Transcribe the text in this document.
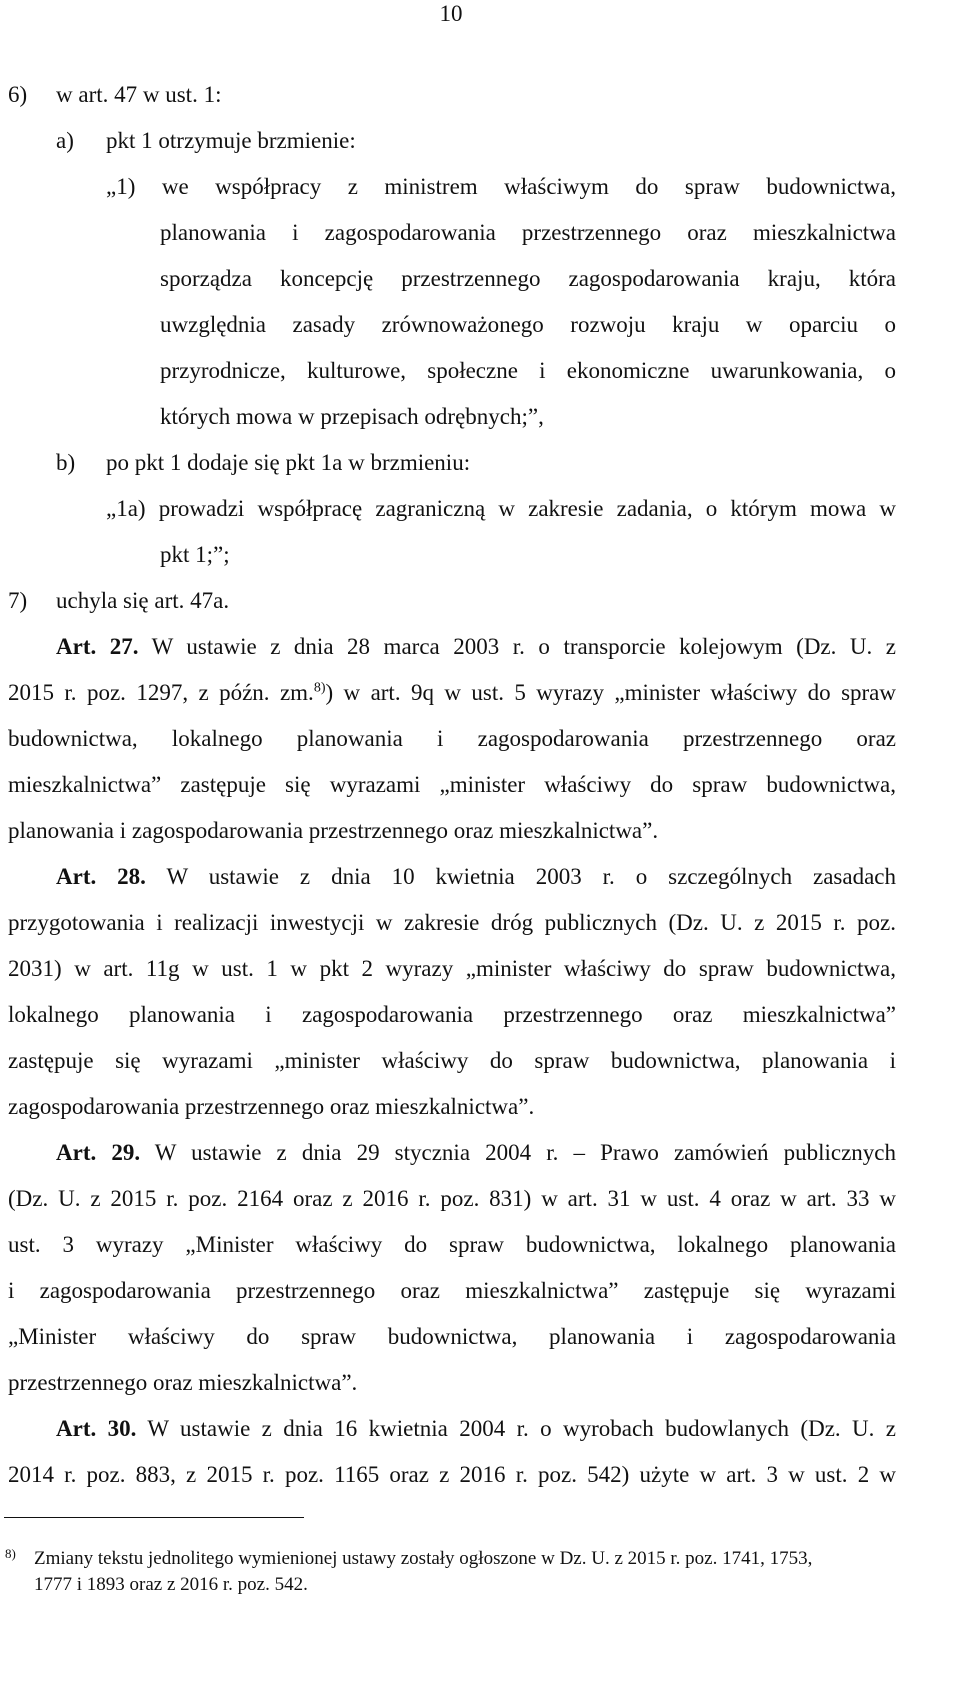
10
6) w art. 47 w ust. 1:
a) pkt 1 otrzymuje brzmienie:
„1) we współpracy z ministrem właściwym do spraw budownictwa,
planowania i zagospodarowania przestrzennego oraz mieszkalnictwa
sporządza koncepcję przestrzennego zagospodarowania kraju, która
uwzględnia zasady zrównoważonego rozwoju kraju w oparciu o
przyrodnicze, kulturowe, społeczne i ekonomiczne uwarunkowania, o
których mowa w przepisach odrębnych;”,
b) po pkt 1 dodaje się pkt 1a w brzmieniu:
„1a) prowadzi współpracę zagraniczną w zakresie zadania, o którym mowa w
pkt 1;”;
7) uchyla się art. 47a.
Art. 27. W ustawie z dnia 28 marca 2003 r. o transporcie kolejowym (Dz. U. z
2015 r. poz. 1297, z późn. zm.$^{8)}$) w art. 9q w ust. 5 wyrazy „minister właściwy do spraw
budownictwa, lokalnego planowania i zagospodarowania przestrzennego oraz
mieszkalnictwa” zastępuje się wyrazami „minister właściwy do spraw budownictwa,
planowania i zagospodarowania przestrzennego oraz mieszkalnictwa”.
Art. 28. W ustawie z dnia 10 kwietnia 2003 r. o szczególnych zasadach
przygotowania i realizacji inwestycji w zakresie dróg publicznych (Dz. U. z 2015 r. poz.
2031) w art. 11g w ust. 1 w pkt 2 wyrazy „minister właściwy do spraw budownictwa,
lokalnego planowania i zagospodarowania przestrzennego oraz mieszkalnictwa”
zastępuje się wyrazami „minister właściwy do spraw budownictwa, planowania i
zagospodarowania przestrzennego oraz mieszkalnictwa”.
Art. 29. W ustawie z dnia 29 stycznia 2004 r. – Prawo zamówień publicznych
(Dz. U. z 2015 r. poz. 2164 oraz z 2016 r. poz. 831) w art. 31 w ust. 4 oraz w art. 33 w
ust. 3 wyrazy „Minister właściwy do spraw budownictwa, lokalnego planowania
i zagospodarowania przestrzennego oraz mieszkalnictwa” zastępuje się wyrazami
„Minister właściwy do spraw budownictwa, planowania i zagospodarowania
przestrzennego oraz mieszkalnictwa”.
Art. 30. W ustawie z dnia 16 kwietnia 2004 r. o wyrobach budowlanych (Dz. U. z
2014 r. poz. 883, z 2015 r. poz. 1165 oraz z 2016 r. poz. 542) użyte w art. 3 w ust. 2 w
8) Zmiany tekstu jednolitego wymienionej ustawy zostały ogłoszone w Dz. U. z 2015 r. poz. 1741, 1753,
1777 i 1893 oraz z 2016 r. poz. 542.
